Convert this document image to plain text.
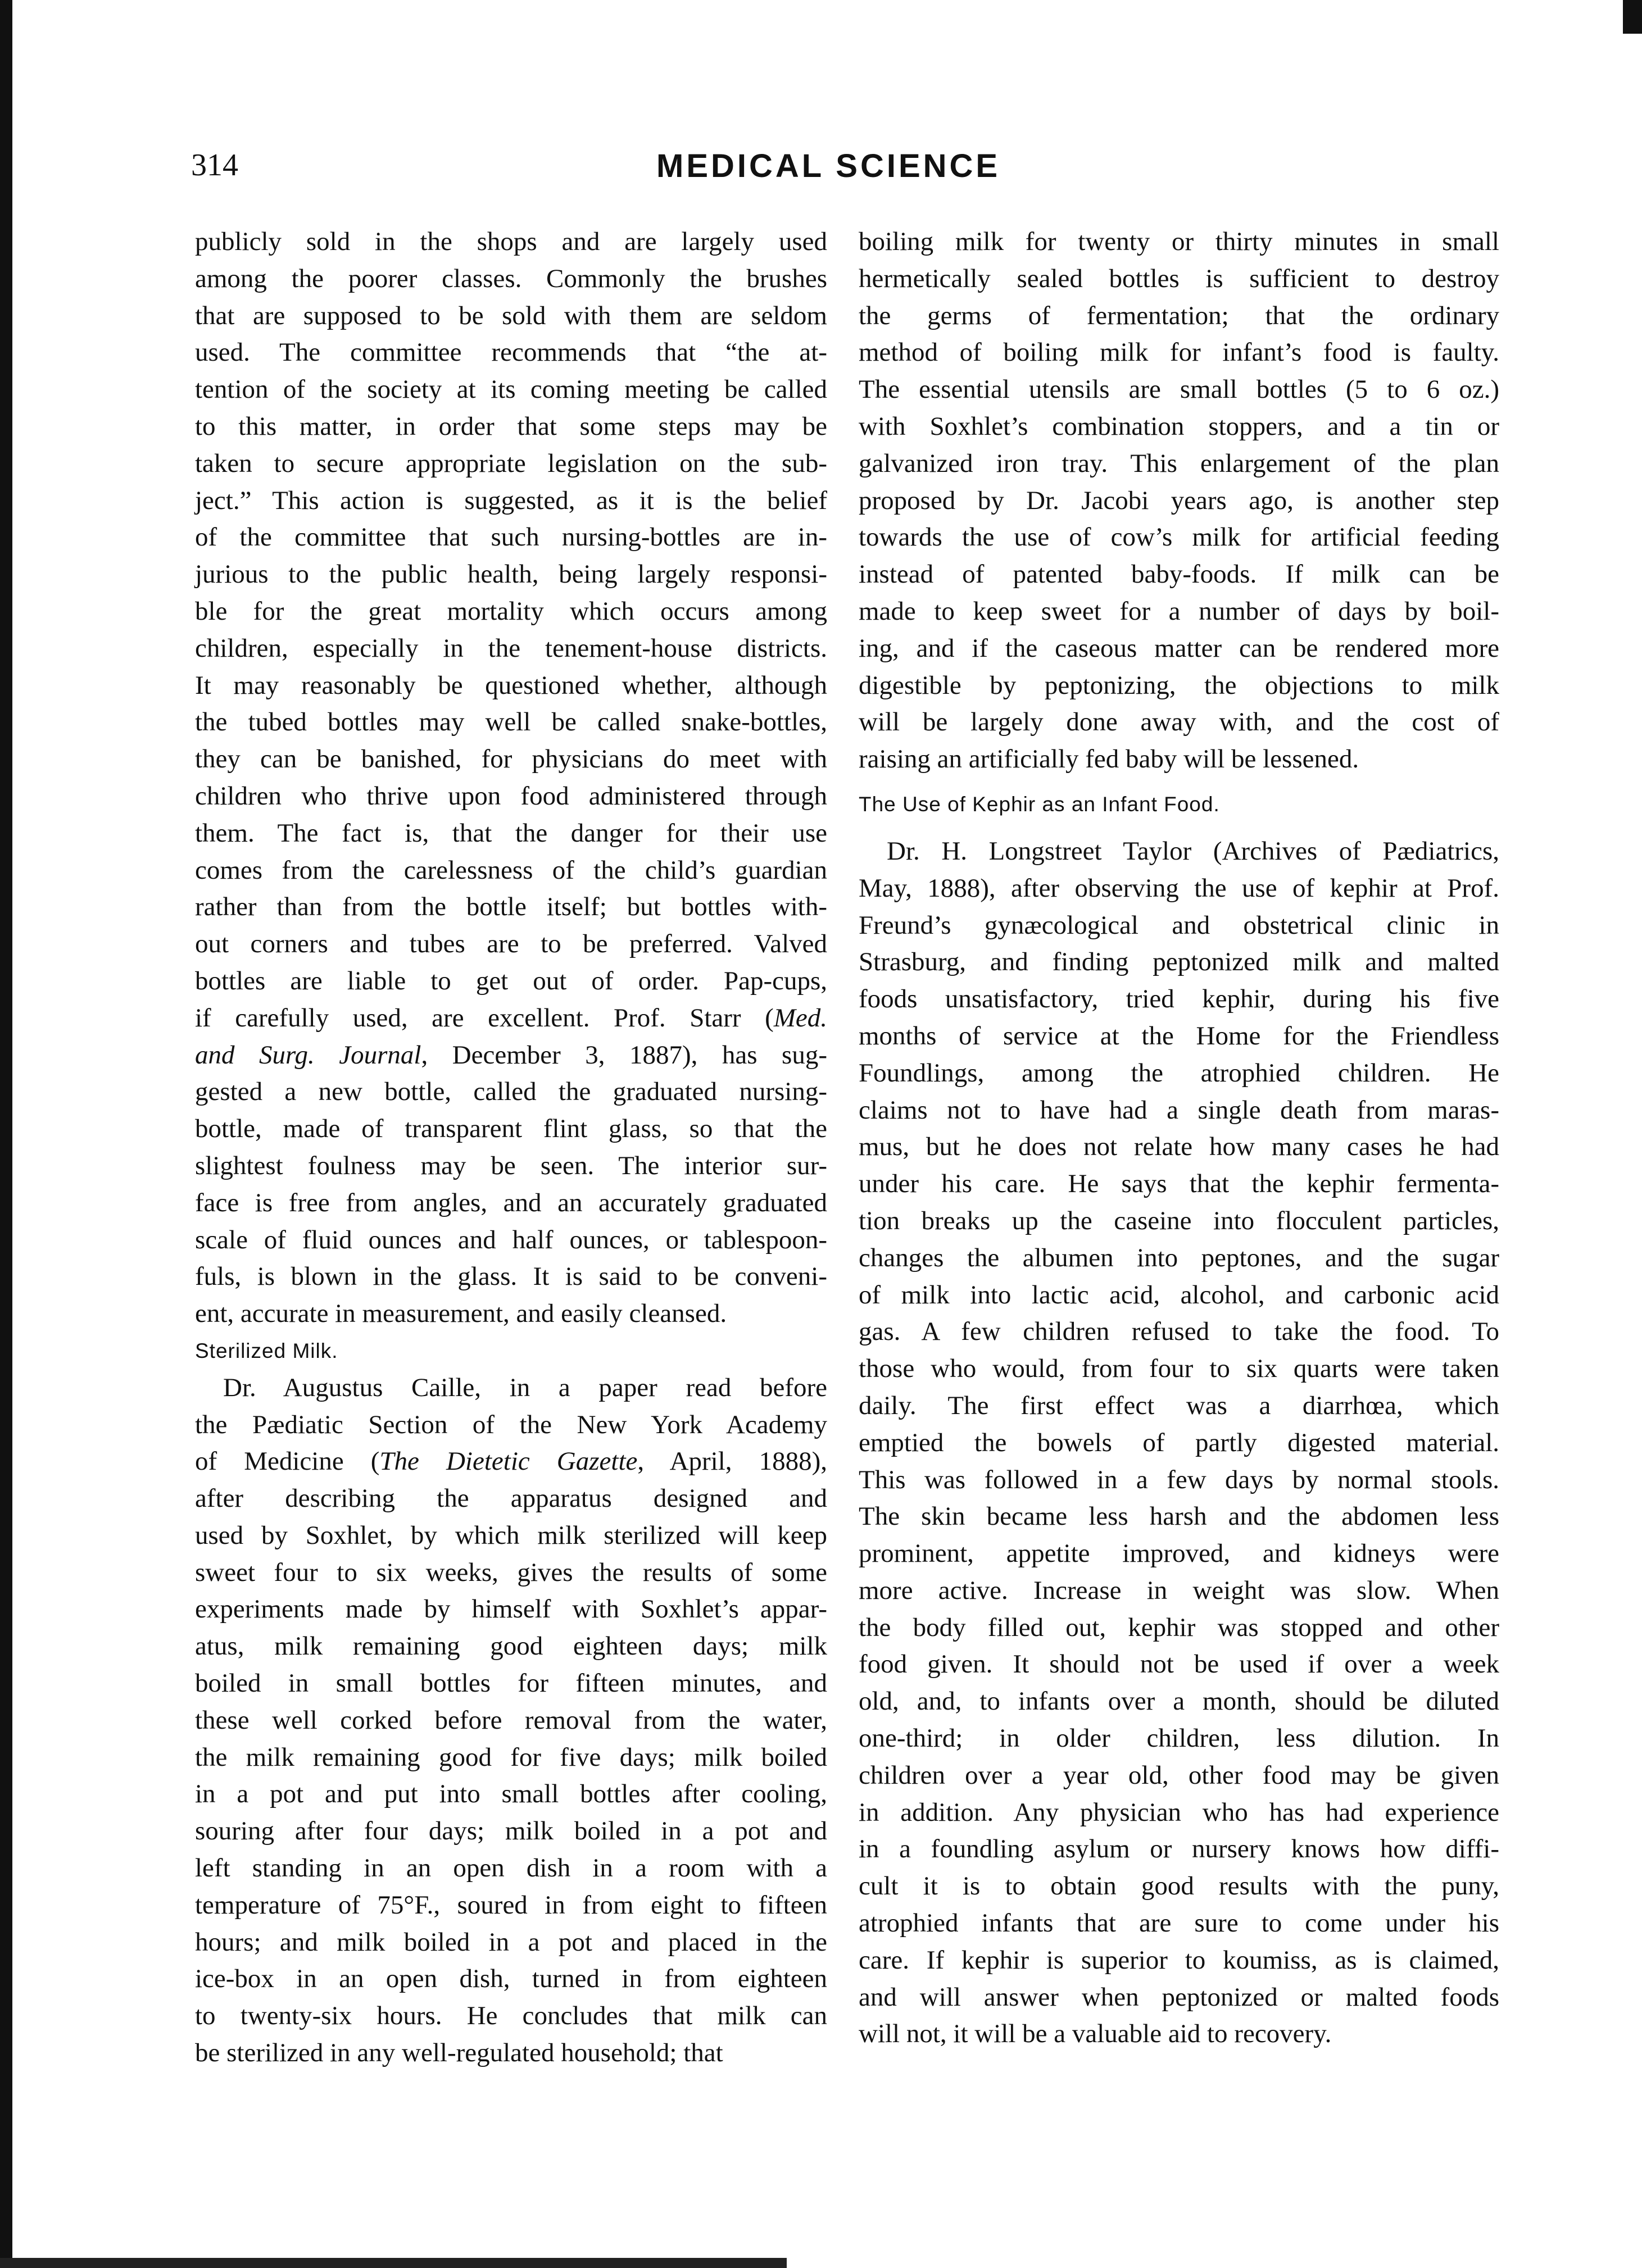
314	MEDICAL SCIENCE
publicly sold in the shops and are largely used
among the poorer classes. Commonly the brushes
that are supposed to be sold with them are seldom
used. The committee recommends that “the at-
tention of the society at its coming meeting be called
to this matter, in order that some steps may be
taken to secure appropriate legislation on the sub-
ject.” This action is suggested, as it is the belief
of the committee that such nursing-bottles are in-
jurious to the public health, being largely responsi-
ble for the great mortality which occurs among
children, especially in the tenement-house districts.
It may reasonably be questioned whether, although
the tubed bottles may well be called snake-bottles,
they can be banished, for physicians do meet with
children who thrive upon food administered through
them. The fact is, that the danger for their use
comes from the carelessness of the child’s guardian
rather than from the bottle itself; but bottles with-
out corners and tubes are to be preferred. Valved
bottles are liable to get out of order. Pap-cups,
if carefully used, are excellent. Prof. Starr (Med.
and Surg. Journal, December 3, 1887), has sug-
gested a new bottle, called the graduated nursing-
bottle, made of transparent flint glass, so that the
slightest foulness may be seen. The interior sur-
face is free from angles, and an accurately graduated
scale of fluid ounces and half ounces, or tablespoon-
fuls, is blown in the glass. It is said to be conveni-
ent, accurate in measurement, and easily cleansed.
Sterilized Milk.
Dr. Augustus Caille, in a paper read before
the Pædiatic Section of the New York Academy
of Medicine (The Dietetic Gazette, April, 1888),
after describing the apparatus designed and
used by Soxhlet, by which milk sterilized will keep
sweet four to six weeks, gives the results of some
experiments made by himself with Soxhlet’s appar-
atus, milk remaining good eighteen days; milk
boiled in small bottles for fifteen minutes, and
these well corked before removal from the water,
the milk remaining good for five days; milk boiled
in a pot and put into small bottles after cooling,
souring after four days; milk boiled in a pot and
left standing in an open dish in a room with a
temperature of 75°F., soured in from eight to fifteen
hours; and milk boiled in a pot and placed in the
ice-box in an open dish, turned in from eighteen
to twenty-six hours. He concludes that milk can
be sterilized in any well-regulated household; that
boiling milk for twenty or thirty minutes in small
hermetically sealed bottles is sufficient to destroy
the germs of fermentation; that the ordinary
method of boiling milk for infant’s food is faulty.
The essential utensils are small bottles (5 to 6 oz.)
with Soxhlet’s combination stoppers, and a tin or
galvanized iron tray. This enlargement of the plan
proposed by Dr. Jacobi years ago, is another step
towards the use of cow’s milk for artificial feeding
instead of patented baby-foods. If milk can be
made to keep sweet for a number of days by boil-
ing, and if the caseous matter can be rendered more
digestible by peptonizing, the objections to milk
will be largely done away with, and the cost of
raising an artificially fed baby will be lessened.
The Use of Kephir as an Infant Food.
Dr. H. Longstreet Taylor (Archives of Pædiatrics,
May, 1888), after observing the use of kephir at Prof.
Freund’s gynæcological and obstetrical clinic in
Strasburg, and finding peptonized milk and malted
foods unsatisfactory, tried kephir, during his five
months of service at the Home for the Friendless
Foundlings, among the atrophied children. He
claims not to have had a single death from maras-
mus, but he does not relate how many cases he had
under his care. He says that the kephir fermenta-
tion breaks up the caseine into flocculent particles,
changes the albumen into peptones, and the sugar
of milk into lactic acid, alcohol, and carbonic acid
gas. A few children refused to take the food. To
those who would, from four to six quarts were taken
daily. The first effect was a diarrhœa, which
emptied the bowels of partly digested material.
This was followed in a few days by normal stools.
The skin became less harsh and the abdomen less
prominent, appetite improved, and kidneys were
more active. Increase in weight was slow. When
the body filled out, kephir was stopped and other
food given. It should not be used if over a week
old, and, to infants over a month, should be diluted
one-third; in older children, less dilution. In
children over a year old, other food may be given
in addition. Any physician who has had experience
in a foundling asylum or nursery knows how diffi-
cult it is to obtain good results with the puny,
atrophied infants that are sure to come under his
care. If kephir is superior to koumiss, as is claimed,
and will answer when peptonized or malted foods
will not, it will be a valuable aid to recovery.
